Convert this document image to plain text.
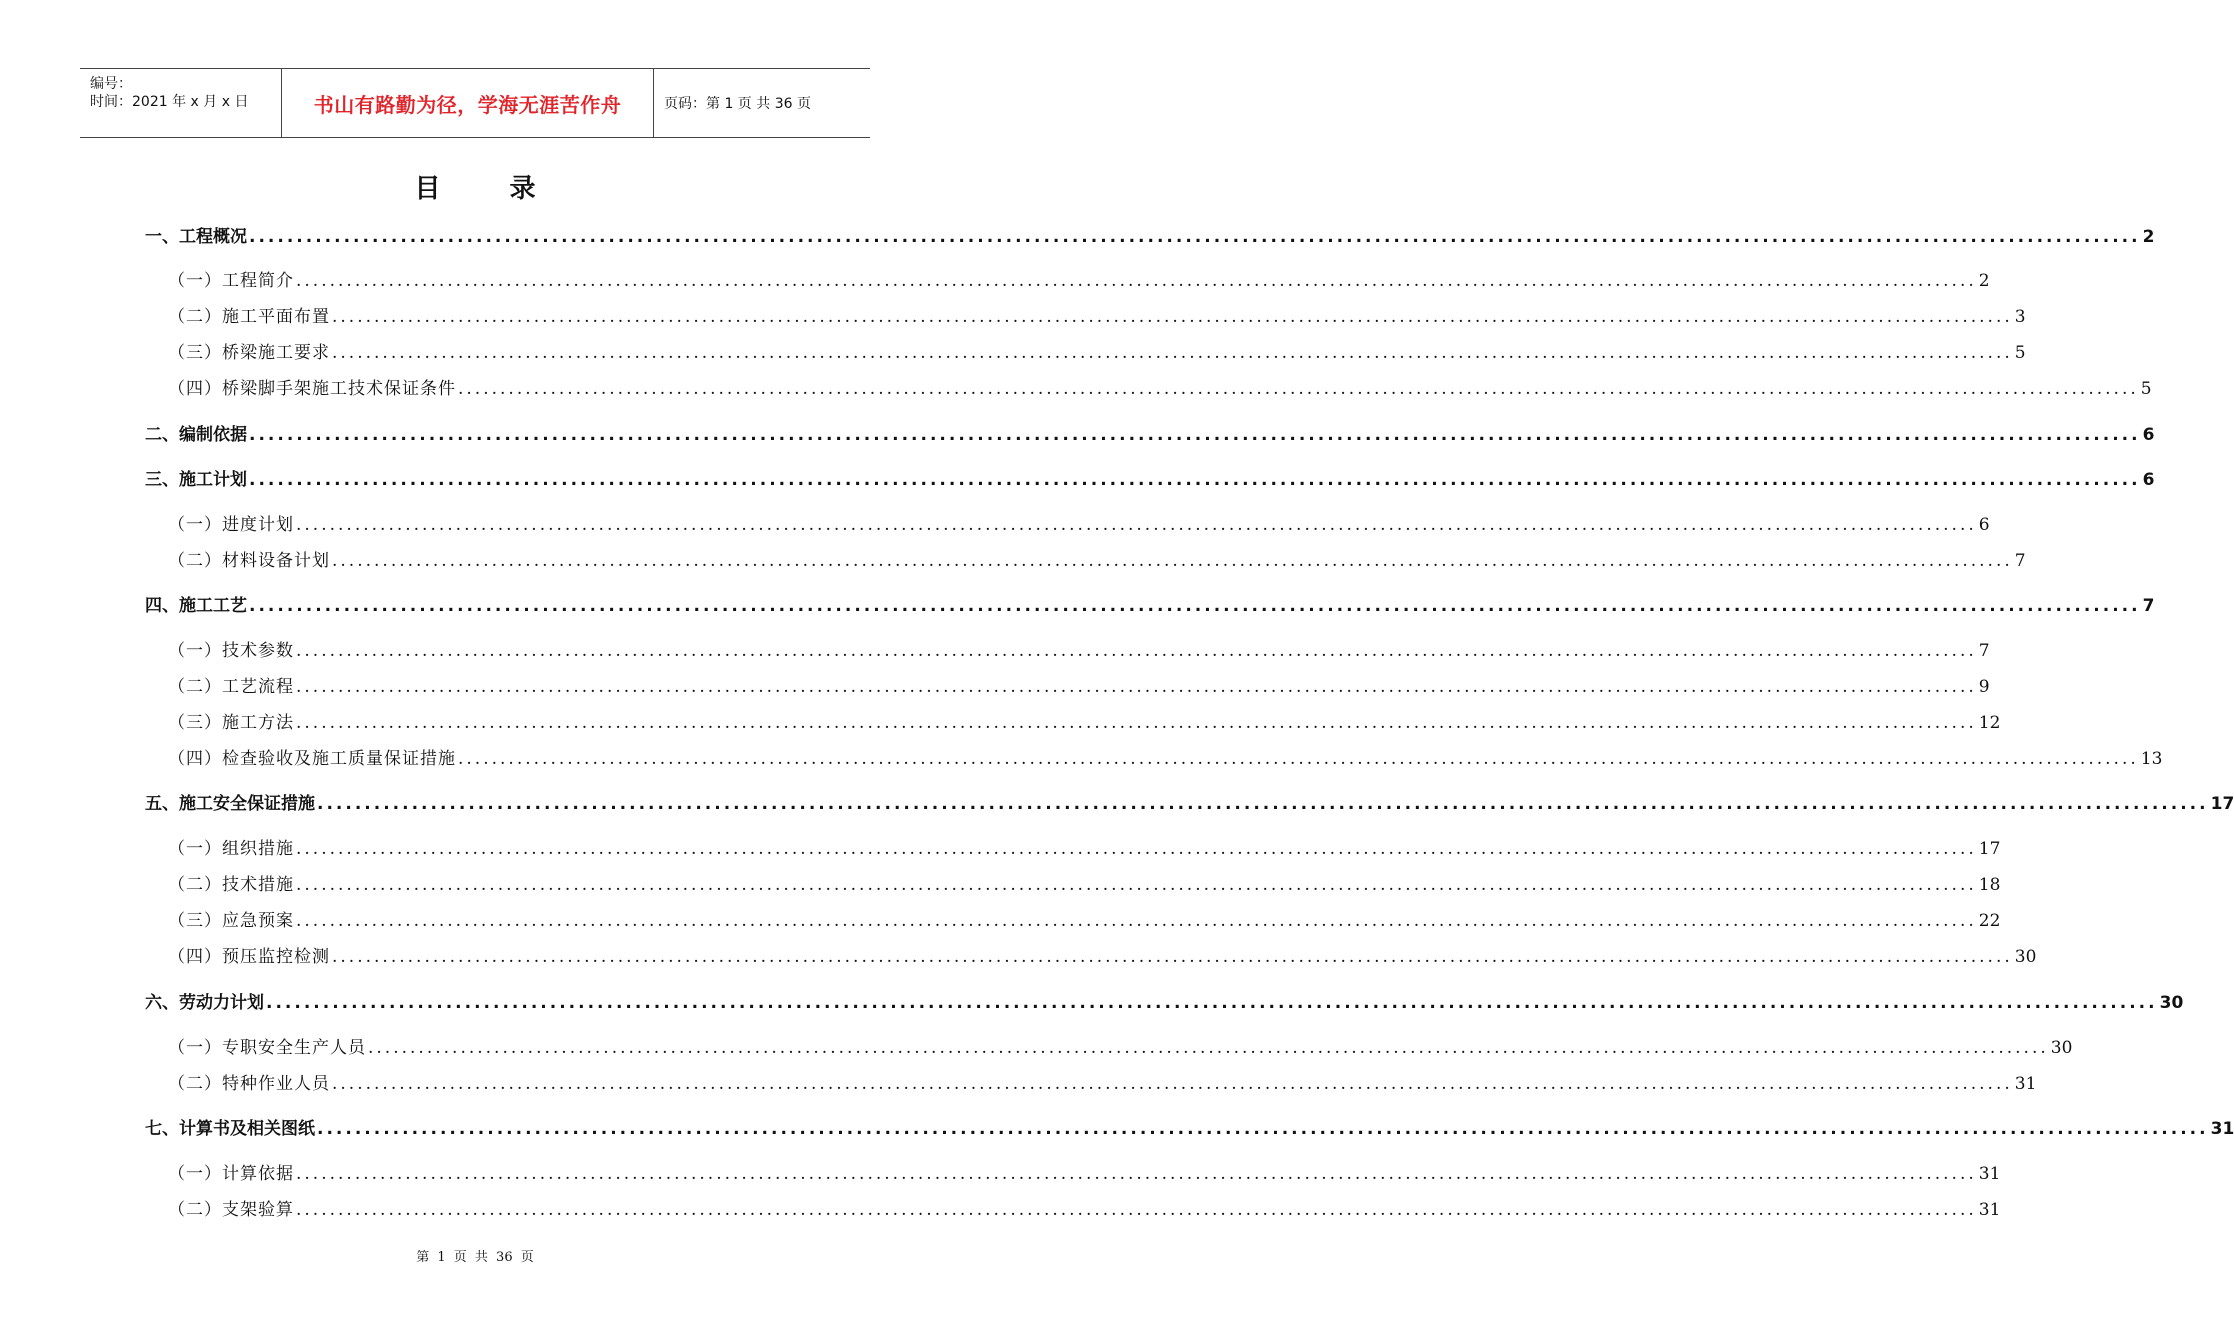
编号：
时间：2021 年 x 月 x 日	书山有路勤为径，学海无涯苦作舟	页码：第 1 页 共 36 页
目 录
一、工程概况 ........................................................................................................................................................................................................ 2
（一）工程简介 ........................................................................................................................................................................................................ 2
（二）施工平面布置 ........................................................................................................................................................................................................ 3
（三）桥梁施工要求 ........................................................................................................................................................................................................ 5
（四）桥梁脚手架施工技术保证条件 ........................................................................................................................................................................................................ 5
二、编制依据 ........................................................................................................................................................................................................ 6
三、施工计划 ........................................................................................................................................................................................................ 6
（一）进度计划 ........................................................................................................................................................................................................ 6
（二）材料设备计划 ........................................................................................................................................................................................................ 7
四、施工工艺 ........................................................................................................................................................................................................ 7
（一）技术参数 ........................................................................................................................................................................................................ 7
（二）工艺流程 ........................................................................................................................................................................................................ 9
（三）施工方法 ........................................................................................................................................................................................................ 12
（四）检查验收及施工质量保证措施 ........................................................................................................................................................................................................ 13
五、施工安全保证措施 ........................................................................................................................................................................................................ 17
（一）组织措施 ........................................................................................................................................................................................................ 17
（二）技术措施 ........................................................................................................................................................................................................ 18
（三）应急预案 ........................................................................................................................................................................................................ 22
（四）预压监控检测 ........................................................................................................................................................................................................ 30
六、劳动力计划 ........................................................................................................................................................................................................ 30
（一）专职安全生产人员 ........................................................................................................................................................................................................ 30
（二）特种作业人员 ........................................................................................................................................................................................................ 31
七、计算书及相关图纸 ........................................................................................................................................................................................................ 31
（一）计算依据 ........................................................................................................................................................................................................ 31
（二）支架验算 ........................................................................................................................................................................................................ 31
第 1 页 共 36 页
